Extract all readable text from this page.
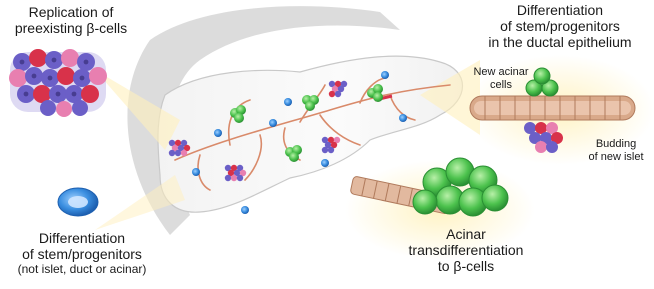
Replication of
preexisting β-cells
Differentiation
of stem/progenitors
in the ductal epithelium
New acinar
cells
Budding
of new islet
Differentiation
of stem/progenitors
(not islet, duct or acinar)
Acinar
transdifferentiation
to β-cells
